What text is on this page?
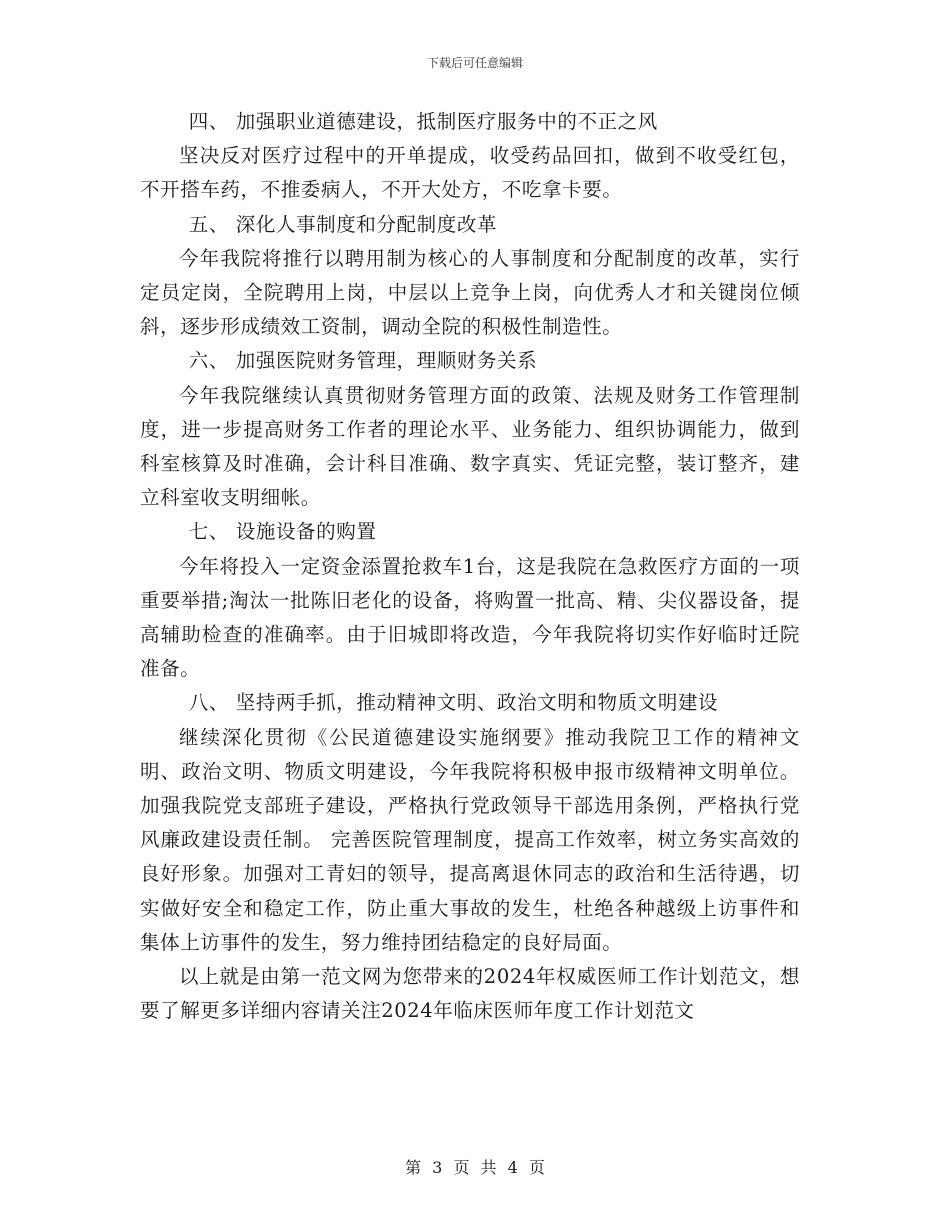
下载后可任意编辑

四、 加强职业道德建设，抵制医疗服务中的不正之风

坚决反对医疗过程中的开单提成，收受药品回扣，做到不收受红包，不开搭车药，不推委病人，不开大处方，不吃拿卡要。

五、 深化人事制度和分配制度改革

今年我院将推行以聘用制为核心的人事制度和分配制度的改革，实行定员定岗，全院聘用上岗，中层以上竞争上岗，向优秀人才和关键岗位倾斜，逐步形成绩效工资制，调动全院的积极性制造性。

六、 加强医院财务管理，理顺财务关系

今年我院继续认真贯彻财务管理方面的政策、法规及财务工作管理制度，进一步提高财务工作者的理论水平、业务能力、组织协调能力，做到科室核算及时准确，会计科目准确、数字真实、凭证完整，装订整齐，建立科室收支明细帐。

七、 设施设备的购置

今年将投入一定资金添置抢救车1台，这是我院在急救医疗方面的一项重要举措;淘汰一批陈旧老化的设备，将购置一批高、精、尖仪器设备，提高辅助检查的准确率。由于旧城即将改造，今年我院将切实作好临时迁院准备。

八、 坚持两手抓，推动精神文明、政治文明和物质文明建设

继续深化贯彻《公民道德建设实施纲要》推动我院卫工作的精神文明、政治文明、物质文明建设，今年我院将积极申报市级精神文明单位。加强我院党支部班子建设，严格执行党政领导干部选用条例，严格执行党风廉政建设责任制。 完善医院管理制度，提高工作效率，树立务实高效的良好形象。加强对工青妇的领导，提高离退休同志的政治和生活待遇，切实做好安全和稳定工作，防止重大事故的发生，杜绝各种越级上访事件和集体上访事件的发生，努力维持团结稳定的良好局面。

以上就是由第一范文网为您带来的2024年权威医师工作计划范文，想要了解更多详细内容请关注2024年临床医师年度工作计划范文

第 3 页 共 4 页
